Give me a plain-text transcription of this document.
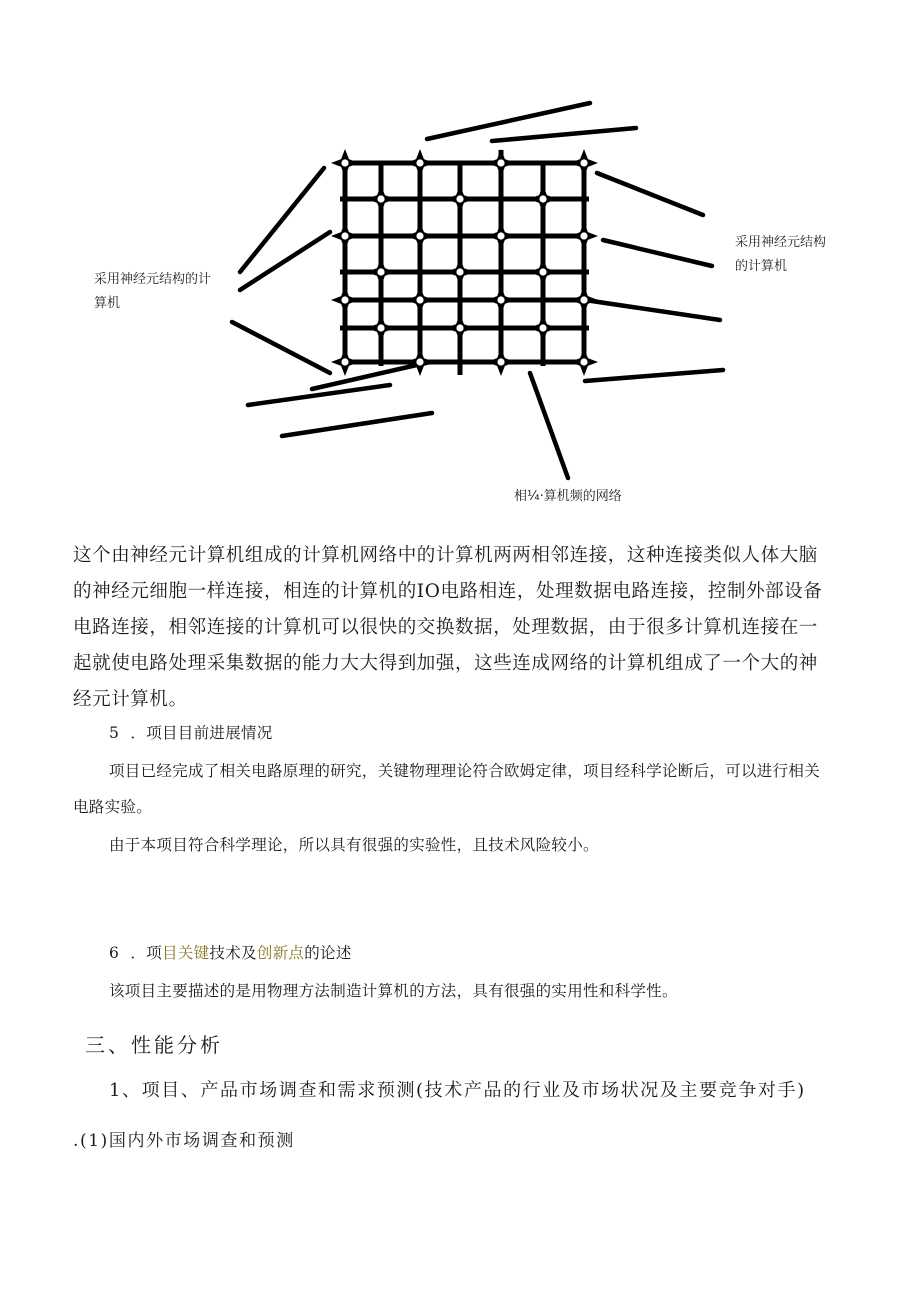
采用神经元结构的计
算机
采用神经元结构
的计算机
相¼·算机频的网络
这个由神经元计算机组成的计算机网络中的计算机两两相邻连接，这种连接类似人体大脑
的神经元细胞一样连接，相连的计算机的IO电路相连，处理数据电路连接，控制外部设备
电路连接，相邻连接的计算机可以很快的交换数据，处理数据，由于很多计算机连接在一
起就使电路处理采集数据的能力大大得到加强，这些连成网络的计算机组成了一个大的神
经元计算机。
5 ．项目目前进展情况
项目已经完成了相关电路原理的研究，关键物理理论符合欧姆定律，项目经科学论断后，可以进行相关
电路实验。
由于本项目符合科学理论，所以具有很强的实验性，且技术风险较小。
6 ．项目关键技术及创新点的论述
该项目主要描述的是用物理方法制造计算机的方法，具有很强的实用性和科学性。
三、性能分析
1、项目、产品市场调查和需求预测(技术产品的行业及市场状况及主要竞争对手)
.(1)国内外市场调查和预测
